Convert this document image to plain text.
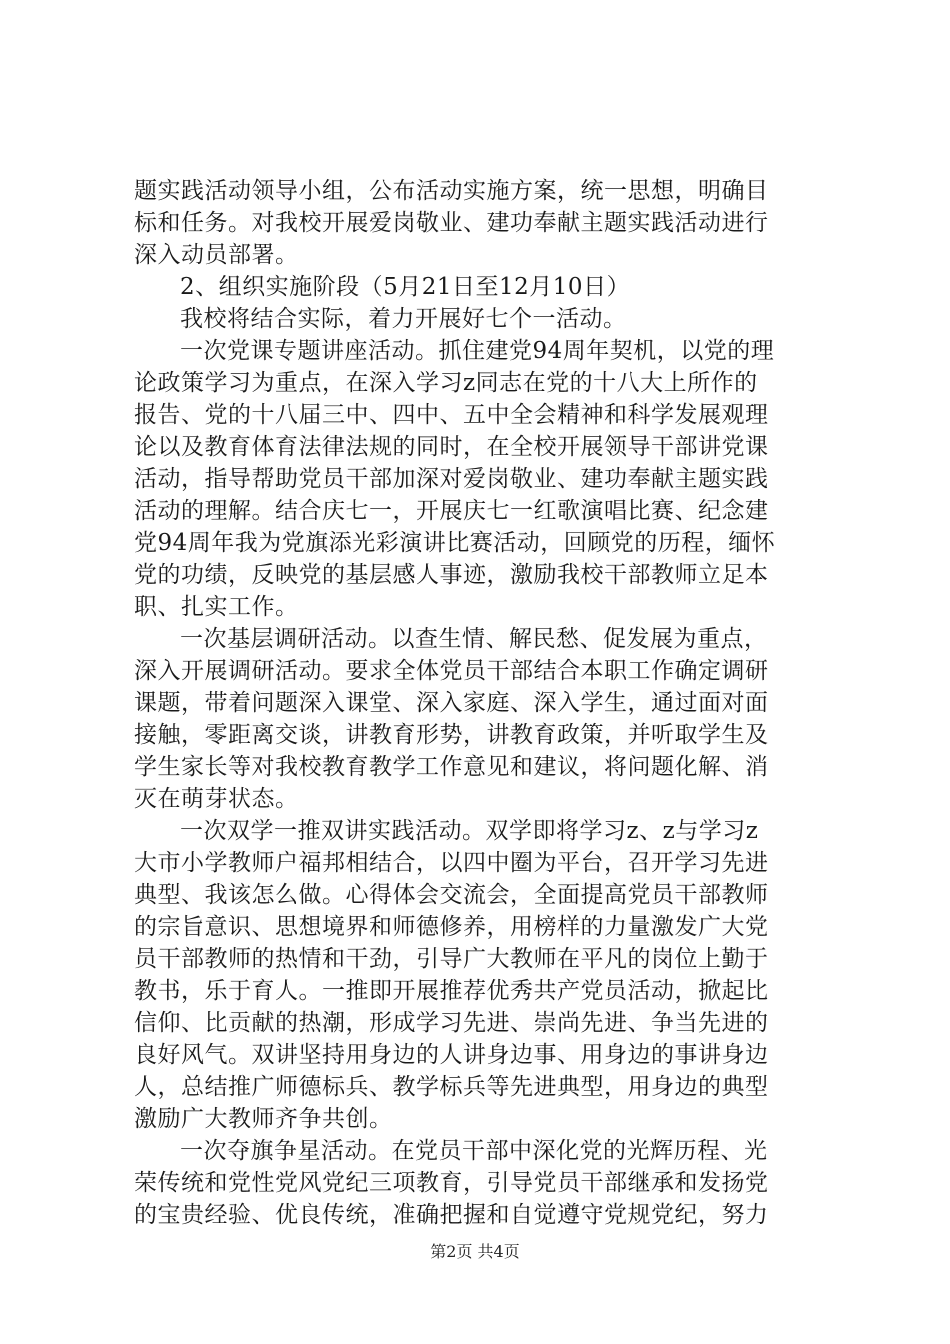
题实践活动领导小组，公布活动实施方案，统一思想，明确目
标和任务。对我校开展爱岗敬业、建功奉献主题实践活动进行
深入动员部署。
2、组织实施阶段（5月21日至12月10日）
我校将结合实际，着力开展好七个一活动。
一次党课专题讲座活动。抓住建党94周年契机，以党的理
论政策学习为重点，在深入学习z同志在党的十八大上所作的
报告、党的十八届三中、四中、五中全会精神和科学发展观理
论以及教育体育法律法规的同时，在全校开展领导干部讲党课
活动，指导帮助党员干部加深对爱岗敬业、建功奉献主题实践
活动的理解。结合庆七一，开展庆七一红歌演唱比赛、纪念建
党94周年我为党旗添光彩演讲比赛活动，回顾党的历程，缅怀
党的功绩，反映党的基层感人事迹，激励我校干部教师立足本
职、扎实工作。
一次基层调研活动。以查生情、解民愁、促发展为重点，
深入开展调研活动。要求全体党员干部结合本职工作确定调研
课题，带着问题深入课堂、深入家庭、深入学生，通过面对面
接触，零距离交谈，讲教育形势，讲教育政策，并听取学生及
学生家长等对我校教育教学工作意见和建议，将问题化解、消
灭在萌芽状态。
一次双学一推双讲实践活动。双学即将学习z、z与学习z
大市小学教师户福邦相结合，以四中圈为平台，召开学习先进
典型、我该怎么做。心得体会交流会，全面提高党员干部教师
的宗旨意识、思想境界和师德修养，用榜样的力量激发广大党
员干部教师的热情和干劲，引导广大教师在平凡的岗位上勤于
教书，乐于育人。一推即开展推荐优秀共产党员活动，掀起比
信仰、比贡献的热潮，形成学习先进、崇尚先进、争当先进的
良好风气。双讲坚持用身边的人讲身边事、用身边的事讲身边
人，总结推广师德标兵、教学标兵等先进典型，用身边的典型
激励广大教师齐争共创。
一次夺旗争星活动。在党员干部中深化党的光辉历程、光
荣传统和党性党风党纪三项教育，引导党员干部继承和发扬党
的宝贵经验、优良传统，准确把握和自觉遵守党规党纪，努力
第2页 共4页
